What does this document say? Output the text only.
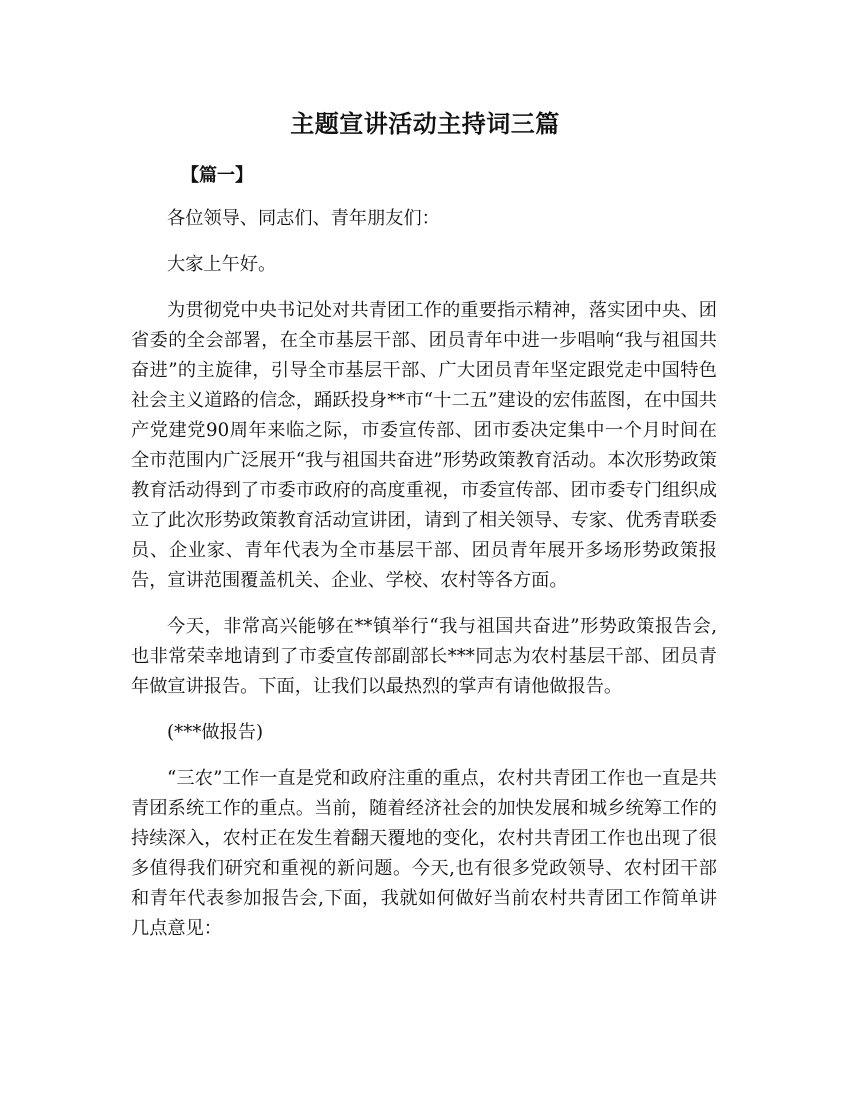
主题宣讲活动主持词三篇
【篇一】

各位领导、同志们、青年朋友们：

大家上午好。

为贯彻党中央书记处对共青团工作的重要指示精神，落实团中央、团省委的全会部署，在全市基层干部、团员青年中进一步唱响“我与祖国共奋进”的主旋律，引导全市基层干部、广大团员青年坚定跟党走中国特色社会主义道路的信念，踊跃投身**市“十二五”建设的宏伟蓝图，在中国共产党建党90周年来临之际，市委宣传部、团市委决定集中一个月时间在全市范围内广泛展开“我与祖国共奋进”形势政策教育活动。本次形势政策教育活动得到了市委市政府的高度重视，市委宣传部、团市委专门组织成立了此次形势政策教育活动宣讲团，请到了相关领导、专家、优秀青联委员、企业家、青年代表为全市基层干部、团员青年展开多场形势政策报告，宣讲范围覆盖机关、企业、学校、农村等各方面。

今天，非常高兴能够在**镇举行“我与祖国共奋进”形势政策报告会,也非常荣幸地请到了市委宣传部副部长***同志为农村基层干部、团员青年做宣讲报告。下面，让我们以最热烈的掌声有请他做报告。

(***做报告)

“三农”工作一直是党和政府注重的重点，农村共青团工作也一直是共青团系统工作的重点。当前，随着经济社会的加快发展和城乡统筹工作的持续深入，农村正在发生着翻天覆地的变化，农村共青团工作也出现了很多值得我们研究和重视的新问题。今天,也有很多党政领导、农村团干部和青年代表参加报告会,下面，我就如何做好当前农村共青团工作简单讲几点意见：
